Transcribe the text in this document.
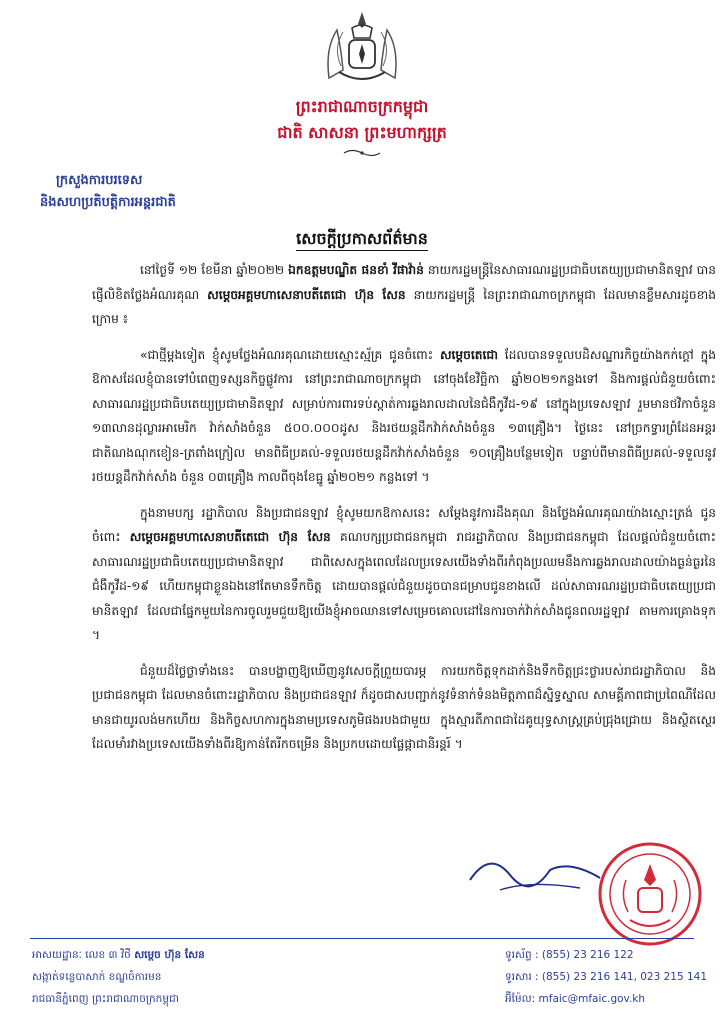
ព្រះរាជាណាចក្រកម្ពុជា
ជាតិ សាសនា ព្រះមហាក្សត្រ
ក្រសួងការបរទេស
និងសហប្រតិបត្តិការអន្តរជាតិ
សេចក្តីប្រកាសព័ត៌មាន

នៅថ្ងៃទី ១២ ខែមីនា ឆ្នាំ២០២២ ឯកឧត្តមបណ្ឌិត ផនខាំ វីផាវ៉ាន់ នាយករដ្ឋមន្ត្រីនៃសាធារណរដ្ឋប្រជាធិបតេយ្យប្រជាមានិតឡាវ បានផ្ញើលិខិតថ្លែងអំណរគុណ សម្តេចអគ្គមហាសេនាបតីតេជោ ហ៊ុន សែន នាយករដ្ឋមន្ត្រី នៃព្រះរាជាណាចក្រកម្ពុជា ដែលមានខ្លឹមសារដូចខាងក្រោម ៖

«ជាថ្មីម្តងទៀត ខ្ញុំសូមថ្លែងអំណរគុណដោយស្មោះស្ម័គ្រ ជូនចំពោះ សម្តេចតេជោ ដែលបានទទួលបដិសណ្ឋារកិច្ចយ៉ាងកក់ក្តៅ ក្នុងឱកាសដែលខ្ញុំបានទៅបំពេញទស្សនកិច្ចផ្លូវការ នៅព្រះរាជាណាចក្រកម្ពុជា នៅចុងខែវិច្ឆិកា ឆ្នាំ២០២១កន្លងទៅ និងការផ្តល់ជំនួយចំពោះសាធារណរដ្ឋប្រជាធិបតេយ្យប្រជាមានិតឡាវ សម្រាប់ការពារទប់ស្កាត់ការឆ្លងរាលដាលនៃជំងឺកូវីដ-១៩ នៅក្នុងប្រទេសឡាវ រួមមានថវិកាចំនួន ១៣លានដុល្លារអាមេរិក វ៉ាក់សាំងចំនួន ៥០០.០០០ដូស និងរថយន្តដឹកវ៉ាក់សាំងចំនួន ១៣គ្រឿង។ ថ្ងៃនេះ នៅច្រកទ្វារព្រំដែនអន្តរជាតិណងណុកខៀន-ត្រពាំងក្រៀល មានពិធីប្រគល់-ទទួលរថយន្តដឹកវ៉ាក់សាំងចំនួន ១០គ្រឿងបន្ថែមទៀត បន្ទាប់ពីមានពិធីប្រគល់-ទទួលនូវរថយន្តដឹកវ៉ាក់សាំង ចំនួន ០៣គ្រឿង កាលពីចុងខែធ្នូ ឆ្នាំ២០២១ កន្លងទៅ ។

ក្នុងនាមបក្ស រដ្ឋាភិបាល និងប្រជាជនឡាវ ខ្ញុំសូមយកឱកាសនេះ សម្តែងនូវការដឹងគុណ និងថ្លែងអំណរគុណយ៉ាងស្មោះត្រង់ ជូនចំពោះ សម្តេចអគ្គមហាសេនាបតីតេជោ ហ៊ុន សែន គណបក្សប្រជាជនកម្ពុជា រាជរដ្ឋាភិបាល និងប្រជាជនកម្ពុជា ដែលផ្តល់ជំនួយចំពោះសាធារណរដ្ឋប្រជាធិបតេយ្យប្រជាមានិតឡាវ ជាពិសេសក្នុងពេលដែលប្រទេសយើងទាំងពីរកំពុងប្រឈមនឹងការឆ្លងរាលដាលយ៉ាងធ្ងន់ធ្ងរនៃជំងឺកូវីដ-១៩ ហើយកម្ពុជាខ្លួនឯងនៅតែមានទឹកចិត្ត ដោយបានផ្តល់ជំនួយដូចបានជម្រាបជូនខាងលើ ដល់សាធារណរដ្ឋប្រជាធិបតេយ្យប្រជាមានិតឡាវ ដែលជាផ្នែកមួយនៃការចូលរួមជួយឱ្យយើងខ្ញុំអាចឈានទៅសម្រេចគោលដៅនៃការចាក់វ៉ាក់សាំងជូនពលរដ្ឋឡាវ តាមការគ្រោងទុក ។

ជំនួយដ៏ថ្លៃថ្លាទាំងនេះ បានបង្ហាញឱ្យឃើញនូវសេចក្តីព្រួយបារម្ភ ការយកចិត្តទុកដាក់និងទឹកចិត្តជ្រះថ្លារបស់រាជរដ្ឋាភិបាល និងប្រជាជនកម្ពុជា ដែលមានចំពោះរដ្ឋាភិបាល និងប្រជាជនឡាវ ក៏ដូចជាសបញ្ជាក់នូវទំនាក់ទំនងមិត្តភាពដ៏ស្និទ្ធស្នាល សាមគ្គីភាពជាប្រពៃណីដែលមានជាយូរលង់មកហើយ និងកិច្ចសហការក្នុងនាមប្រទេសភូមិផងរបងជាមួយ ក្នុងស្មារតីភាពជាដៃគូយុទ្ធសាស្ត្រគ្រប់ជ្រុងជ្រោយ និងស្ថិតស្ថេរដែលមាំរវាងប្រទេសយើងទាំងពីរឱ្យកាន់តែរីកចម្រើន និងប្រកបដោយផ្លែផ្កាជានិរន្តរ៍ ។

អាសយដ្ឋានៈ លេខ ៣ វិថី សម្តេច ហ៊ុន សែន
សង្កាត់ទន្លេបាសាក់ ខណ្ឌចំការមន
រាជធានីភ្នំពេញ ព្រះរាជាណាចក្រកម្ពុជា
ទូរស័ព្ទ : (855) 23 216 122
ទូរសារ : (855) 23 216 141, 023 215 141
អ៊ីម៉ែល: mfaic@mfaic.gov.kh
